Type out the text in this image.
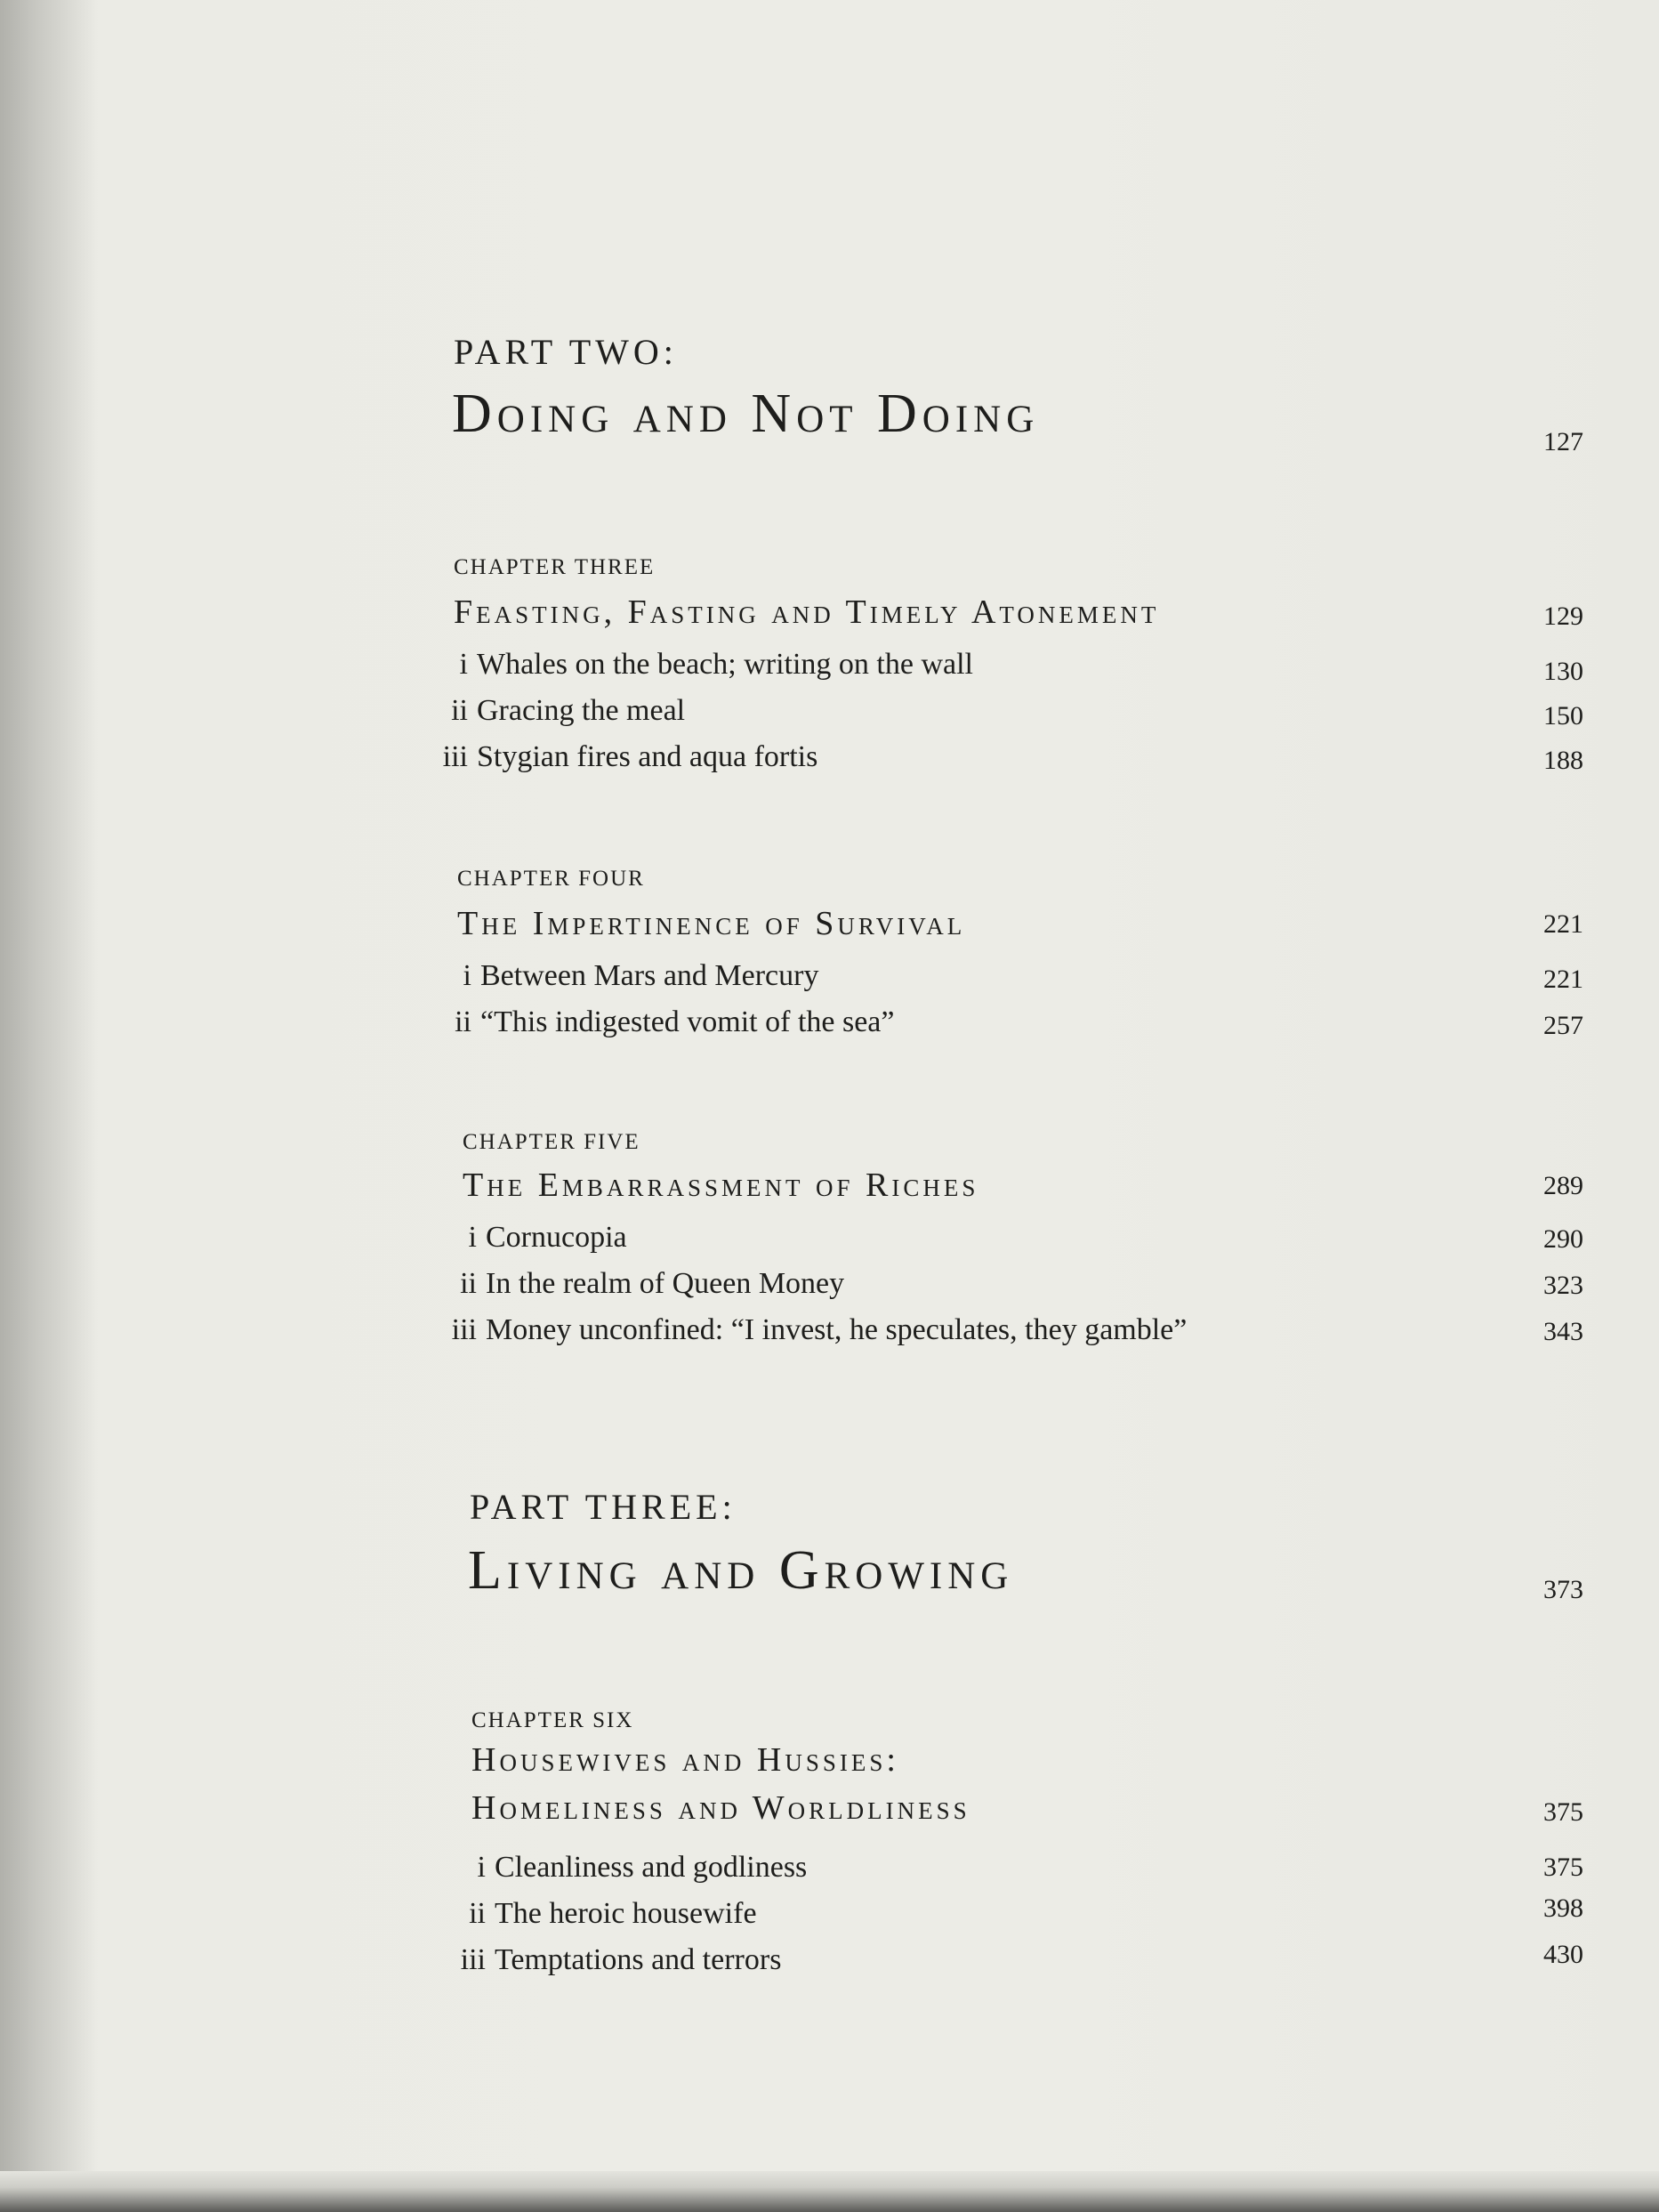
PART TWO:
Doing and Not Doing	127
CHAPTER THREE
Feasting, Fasting and Timely Atonement	129
i Whales on the beach; writing on the wall	130
ii Gracing the meal	150
iii Stygian fires and aqua fortis	188
CHAPTER FOUR
The Impertinence of Survival	221
i Between Mars and Mercury	221
ii “This indigested vomit of the sea”	257
CHAPTER FIVE
The Embarrassment of Riches	289
i Cornucopia	290
ii In the realm of Queen Money	323
iii Money unconfined: “I invest, he speculates, they gamble”	343
PART THREE:
Living and Growing	373
CHAPTER SIX
Housewives and Hussies:
Homeliness and Worldliness	375
i Cleanliness and godliness	375
ii The heroic housewife	398
iii Temptations and terrors	430
